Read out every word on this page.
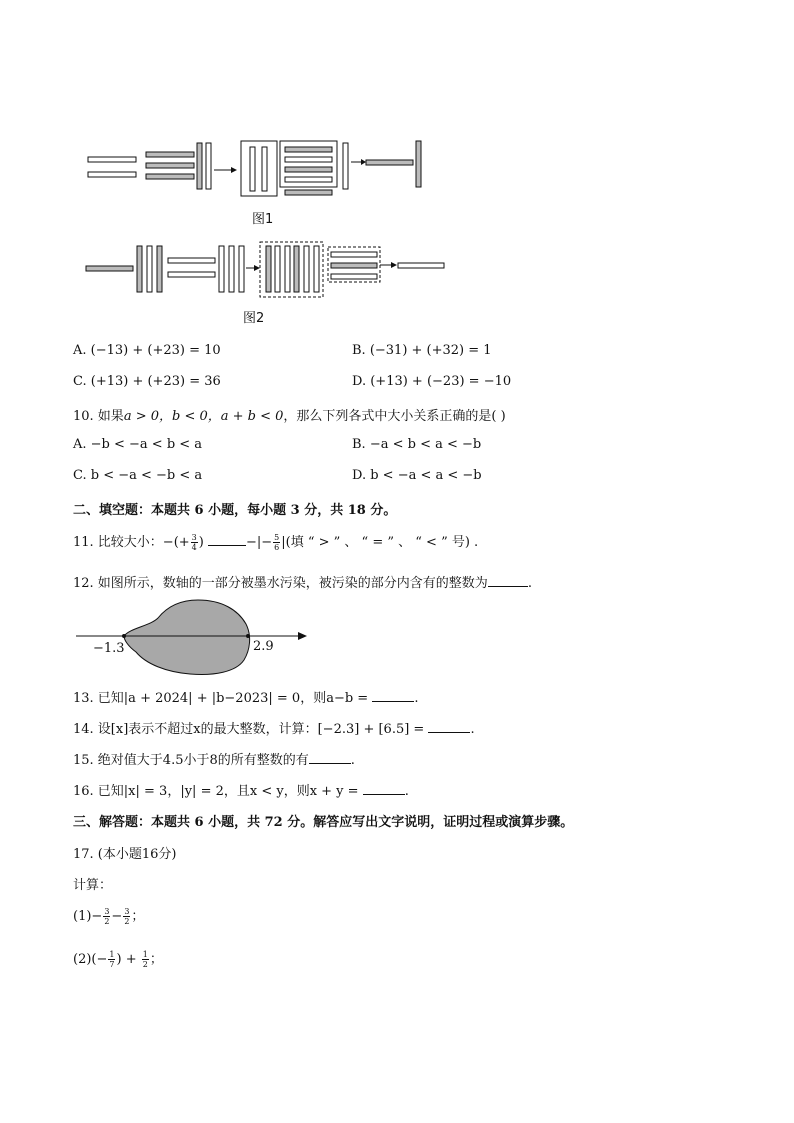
图1
图2
A. (−13) + (+23) = 10	B. (−31) + (+32) = 1
C. (+13) + (+23) = 36	D. (+13) + (−23) = −10
10. 如果a > 0，b < 0，a + b < 0，那么下列各式中大小关系正确的是( )
A. −b < −a < b < a	B. −a < b < a < −b
C. b < −a < −b < a	D. b < −a < a < −b
二、填空题：本题共 6 小题，每小题 3 分，共 18 分。
11. 比较大小：−(+ $\frac{3}{4}$ )	−|− $\frac{5}{6}$ |(填 “ > ” 、 “ = ” 、 “ < ” 号) .
12. 如图所示，数轴的一部分被墨水污染，被污染的部分内含有的整数为	.
−1.3	2.9
13. 已知|a + 2024| + |b−2023| = 0，则a−b =	.
14. 设[x]表示不超过x的最大整数，计算：[−2.3] + [6.5] =	.
15. 绝对值大于4.5小于8的所有整数的有	.
16. 已知|x| = 3，|y| = 2，且x < y，则x + y =	.
三、解答题：本题共 6 小题，共 72 分。解答应写出文字说明，证明过程或演算步骤。
17. (本小题16分)
计算：
$(1)- \frac{3}{2} - \frac{3}{2}$ ；
$(2)(- \frac{1}{7}$ ) + $\frac{1}{2}$ ；
